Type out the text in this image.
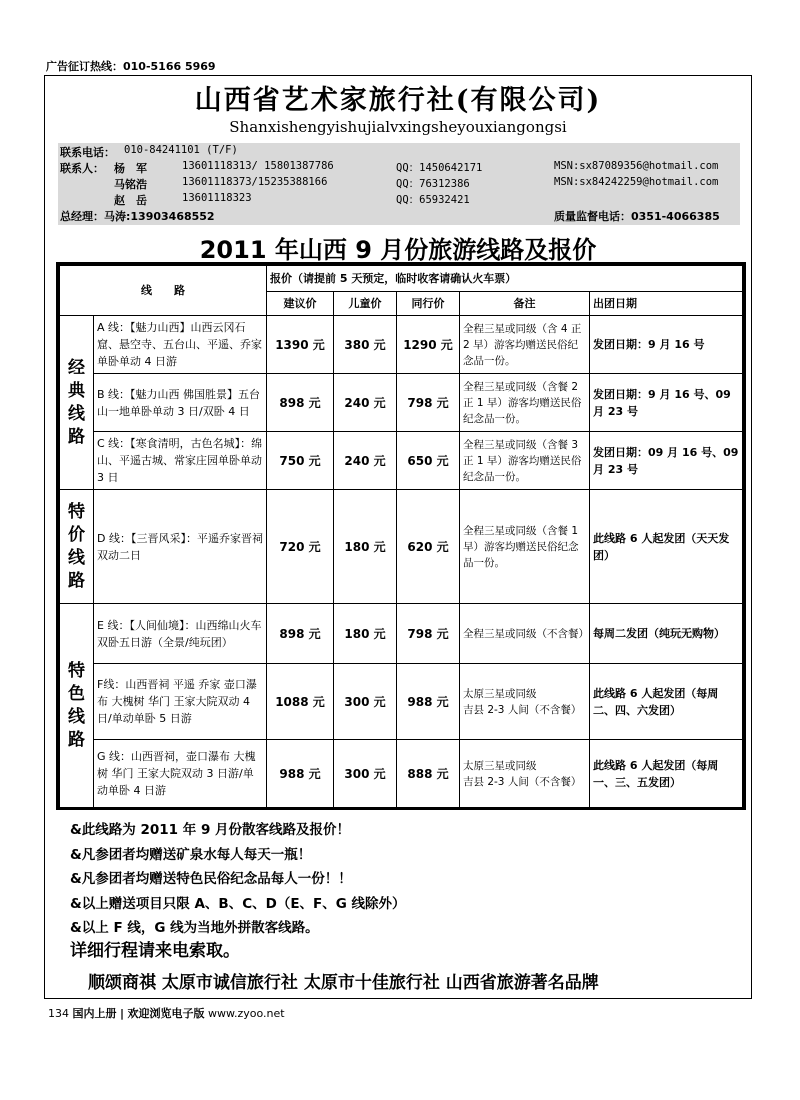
广告征订热线：010-5166 5969
山西省艺术家旅行社(有限公司)
Shanxishengyishujialvxingsheyouxiangongsi
联系电话： 010-84241101 (T/F)
联系人： 杨　军	13601118313/ 15801387786	QQ：1450642171	MSN:sx87089356@hotmail.com
马铭浩	13601118373/15235388166	QQ：76312386	MSN:sx84242259@hotmail.com
赵　岳	13601118323	QQ：65932421
总经理：马涛:13903468552	质量监督电话：0351-4066385
2011 年山西 9 月份旅游线路及报价
线　　路		报价（请提前 5 天预定，临时收客请确认火车票）				
		建议价	儿童价	同行价	备注	出团日期

经
典
线
路	A 线：【魅力山西】山西云冈石窟、悬空寺、五台山、平遥、乔家单卧单动 4 日游	1390 元	380 元	1290 元	全程三星或同级（含 4 正 2 早）游客均赠送民俗纪念品一份。	发团日期：9 月 16 号
	B 线：【魅力山西 佛国胜景】五台山一地单卧单动 3 日/双卧 4 日	898 元	240 元	798 元	全程三星或同级（含餐 2 正 1 早）游客均赠送民俗纪念品一份。	发团日期：9 月 16 号、09 月 23 号
	C 线：【寒食清明，古色名城】：绵山、平遥古城、常家庄园单卧单动 3 日	750 元	240 元	650 元	全程三星或同级（含餐 3 正 1 早）游客均赠送民俗纪念品一份。	发团日期：09 月 16 号、09 月 23 号

特
价
线
路	D 线：【三晋风采】：平遥乔家晋祠双动二日	720 元	180 元	620 元	全程三星或同级（含餐 1 早）游客均赠送民俗纪念品一份。	此线路 6 人起发团（天天发团）

特
色
线
路	E 线：【人间仙境】：山西绵山火车双卧五日游（全景/纯玩团）	898 元	180 元	798 元	全程三星或同级（不含餐）	每周二发团（纯玩无购物）
	F线：山西晋祠 平遥 乔家 壶口瀑布 大槐树 华门 王家大院双动 4 日/单动单卧 5 日游	1088 元	300 元	988 元	太原三星或同级
吉县 2-3 人间（不含餐）	此线路 6 人起发团（每周二、四、六发团）
	G 线：山西晋祠，壶口瀑布 大槐树 华门 王家大院双动 3 日游/单动单卧 4 日游	988 元	300 元	888 元	太原三星或同级
吉县 2-3 人间（不含餐）	此线路 6 人起发团（每周一、三、五发团）
&此线路为 2011 年 9 月份散客线路及报价！
&凡参团者均赠送矿泉水每人每天一瓶！
&凡参团者均赠送特色民俗纪念品每人一份！！
&以上赠送项目只限 A、B、C、D（E、F、G 线除外）
&以上 F 线，G 线为当地外拼散客线路。
详细行程请来电索取。
顺颂商祺 太原市诚信旅行社 太原市十佳旅行社 山西省旅游著名品牌
134 国内上册 | 欢迎浏览电子版 www.zyoo.net
